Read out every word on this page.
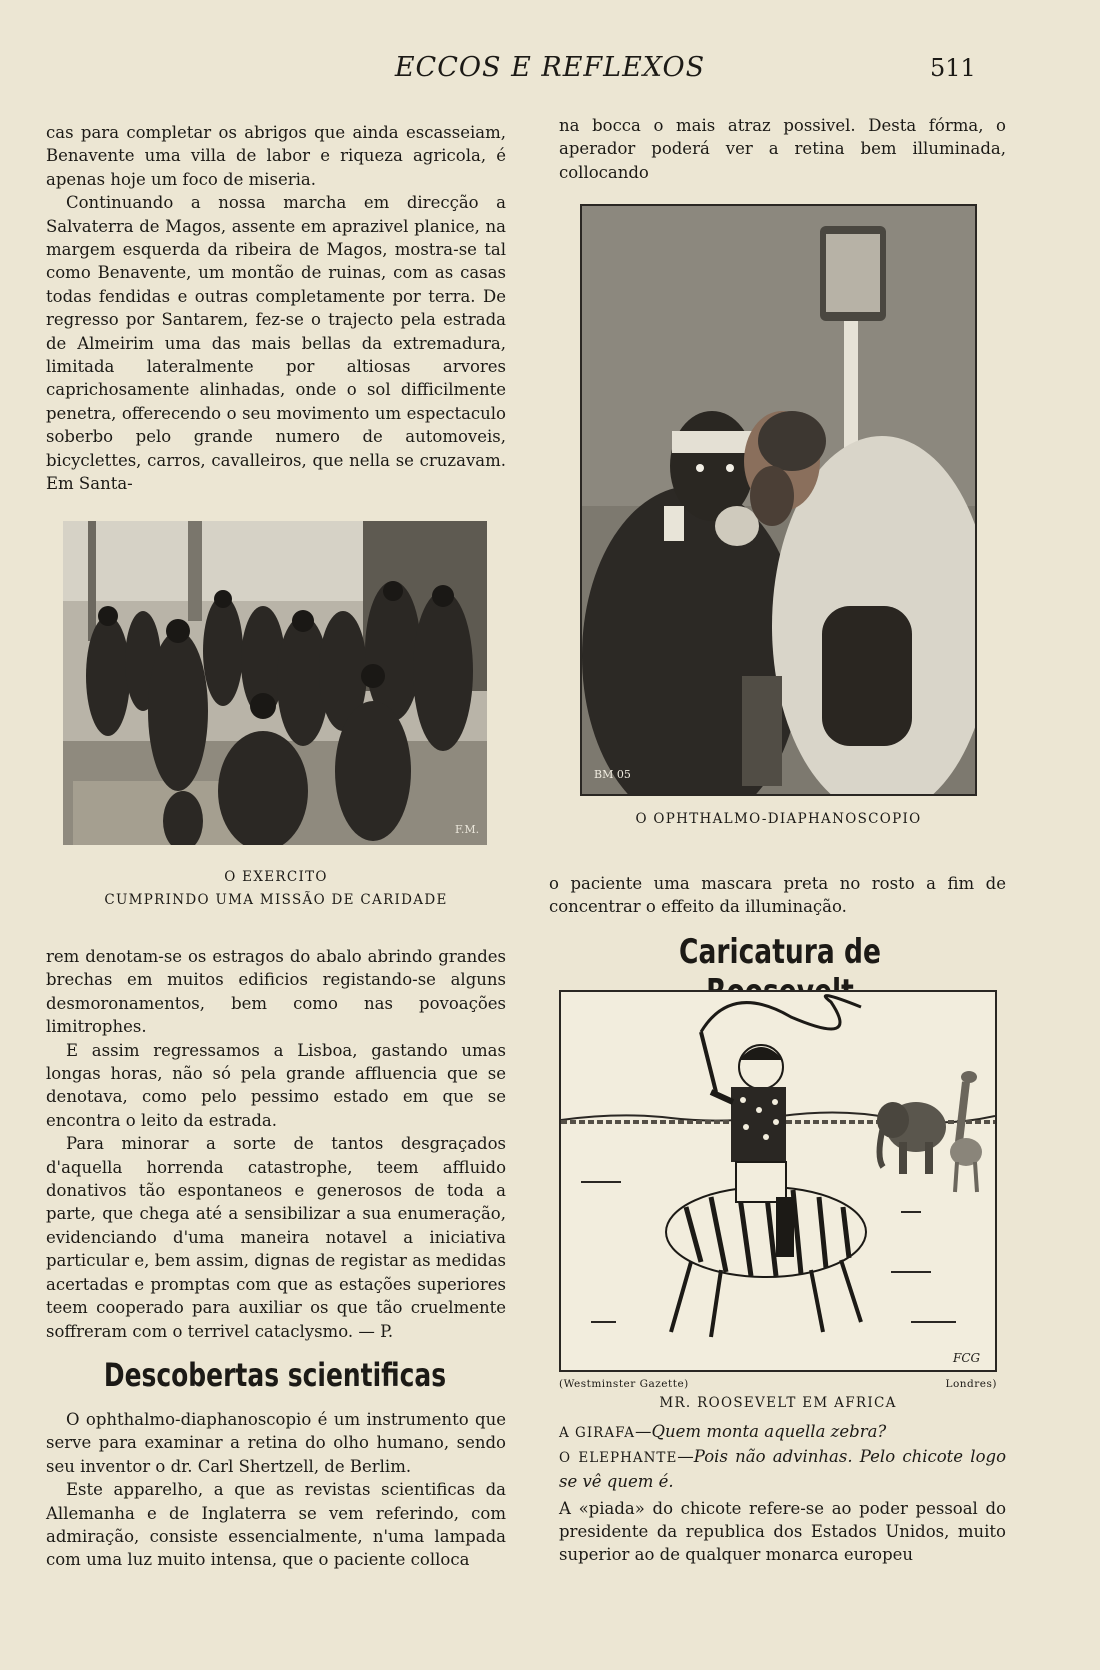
ECCOS E REFLEXOS	511

cas para completar os abrigos que ainda escasseiam, Benavente uma villa de labor e riqueza agricola, é apenas hoje um foco de miseria.

Continuando a nossa marcha em direcção a Salvaterra de Magos, assente em aprazivel planice, na margem esquerda da ribeira de Magos, mostra-se tal como Benavente, um montão de ruinas, com as casas todas fendidas e outras completamente por terra. De regresso por Santarem, fez-se o trajecto pela estrada de Almeirim uma das mais bellas da extremadura, limitada lateralmente por altiosas arvores caprichosamente alinhadas, onde o sol difficilmente penetra, offerecendo o seu movimento um espectaculo soberbo pelo grande numero de automoveis, bicyclettes, carros, cavalleiros, que nella se cruzavam. Em Santa-

F.M.
O EXERCITO
CUMPRINDO UMA MISSÃO DE CARIDADE

rem denotam-se os estragos do abalo abrindo grandes brechas em muitos edificios registando-se alguns desmoronamentos, bem como nas povoações limitrophes.

E assim regressamos a Lisboa, gastando umas longas horas, não só pela grande affluencia que se denotava, como pelo pessimo estado em que se encontra o leito da estrada.

Para minorar a sorte de tantos desgraçados d'aquella horrenda catastrophe, teem affluido donativos tão espontaneos e generosos de toda a parte, que chega até a sensibilizar a sua enumeração, evidenciando d'uma maneira notavel a iniciativa particular e, bem assim, dignas de registar as medidas acertadas e promptas com que as estações superiores teem cooperado para auxiliar os que tão cruelmente soffreram com o terrivel cataclysmo. — P.

Descobertas scientificas

O ophthalmo-diaphanoscopio é um instrumento que serve para examinar a retina do olho humano, sendo seu inventor o dr. Carl Shertzell, de Berlim.

Este apparelho, a que as revistas scientificas da Allemanha e de Inglaterra se vem referindo, com admiração, consiste essencialmente, n'uma lampada com uma luz muito intensa, que o paciente colloca

na bocca o mais atraz possivel. Desta fórma, o aperador poderá ver a retina bem illuminada, collocando

BM 05
O OPHTHALMO-DIAPHANOSCOPIO

o paciente uma mascara preta no rosto a fim de concentrar o effeito da illuminação.

Caricatura de
FCG
(Westminster Gazette)	Londres)
MR. ROOSEVELT EM AFRICA
A GIRAFA—Quem monta aquella zebra?
O ELEPHANTE—Pois não advinhas. Pelo chicote logo se vê quem é.
A «piada» do chicote refere-se ao poder pessoal do presidente da republica dos Estados Unidos, muito superior ao de qualquer monarca europeu
